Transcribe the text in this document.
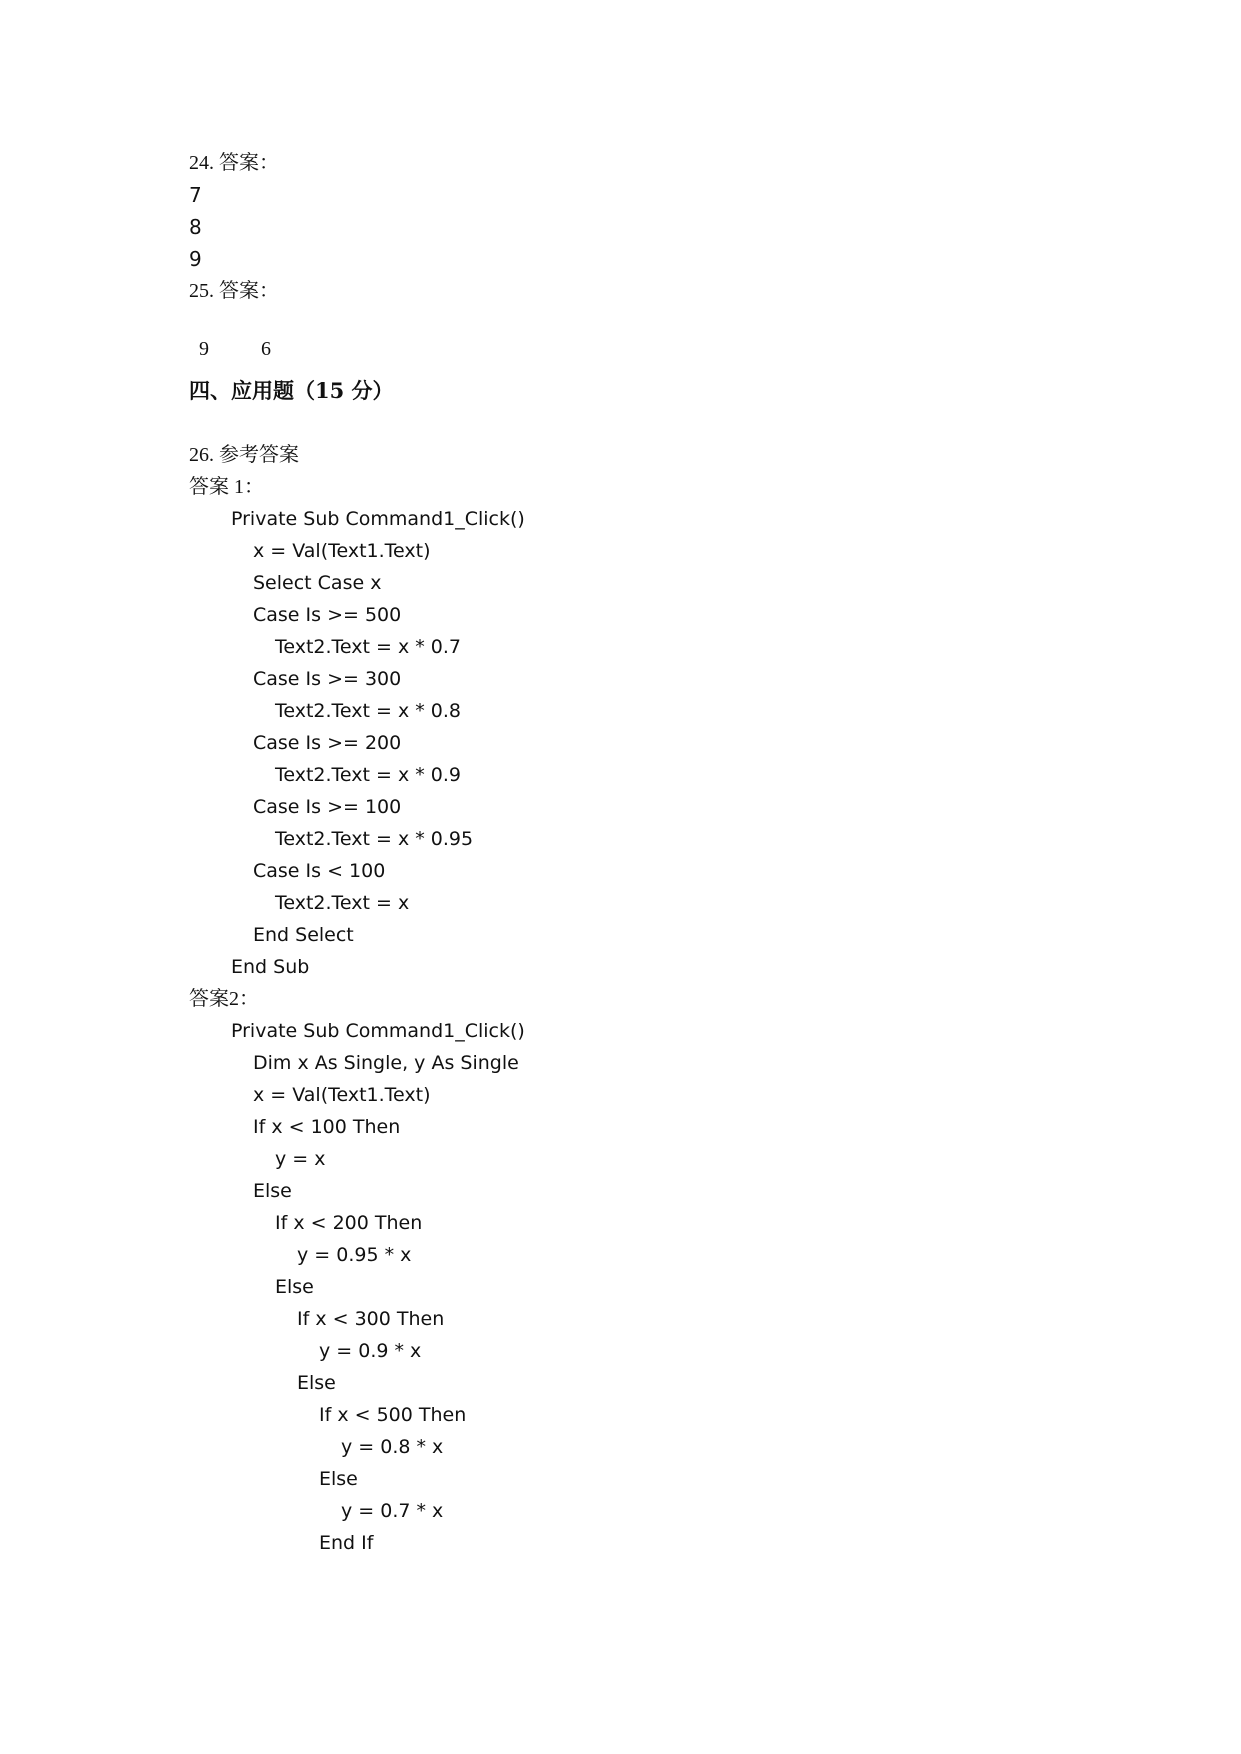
24. 答案：
7
8
9
25. 答案：

9	6

四、应用题（15 分）
26. 参考答案
答案 1：
Private Sub Command1_Click()
x = Val(Text1.Text)
Select Case x
Case Is >= 500
Text2.Text = x * 0.7
Case Is >= 300
Text2.Text = x * 0.8
Case Is >= 200
Text2.Text = x * 0.9
Case Is >= 100
Text2.Text = x * 0.95
Case Is < 100
Text2.Text = x
End Select
End Sub
答案2：
Private Sub Command1_Click()
Dim x As Single, y As Single
x = Val(Text1.Text)
If x < 100 Then
y = x
Else
If x < 200 Then
y = 0.95 * x
Else
If x < 300 Then
y = 0.9 * x
Else
If x < 500 Then
y = 0.8 * x
Else
y = 0.7 * x
End If
